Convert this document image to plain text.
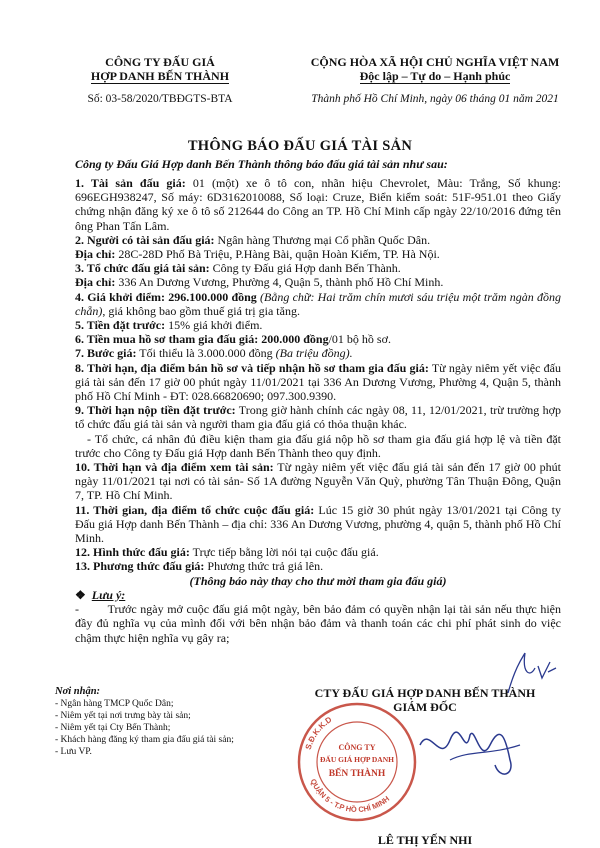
CÔNG TY ĐẤU GIÁ
HỢP DANH BẾN THÀNH
Số: 03-58/2020/TBĐGTS-BTA
CỘNG HÒA XÃ HỘI CHỦ NGHĨA VIỆT NAM
Độc lập – Tự do – Hạnh phúc
Thành phố Hồ Chí Minh, ngày 06 tháng 01 năm 2021
THÔNG BÁO ĐẤU GIÁ TÀI SẢN
Công ty Đấu Giá Hợp danh Bến Thành thông báo đấu giá tài sản như sau:

1. Tài sản đấu giá: 01 (một) xe ô tô con, nhãn hiệu Chevrolet, Màu: Trắng, Số khung: 696EGH938247, Số máy: 6D3162010088, Số loại: Cruze, Biển kiểm soát: 51F-951.01 theo Giấy chứng nhận đăng ký xe ô tô số 212644 do Công an TP. Hồ Chí Minh cấp ngày 22/10/2016 đứng tên ông Phan Tấn Lâm.

2. Người có tài sản đấu giá: Ngân hàng Thương mại Cổ phần Quốc Dân.

Địa chỉ: 28C-28D Phố Bà Triệu, P.Hàng Bài, quận Hoàn Kiếm, TP. Hà Nội.

3. Tổ chức đấu giá tài sản: Công ty Đấu giá Hợp danh Bến Thành.

Địa chỉ: 336 An Dương Vương, Phường 4, Quận 5, thành phố Hồ Chí Minh.

4. Giá khởi điểm: 296.100.000 đồng (Bằng chữ: Hai trăm chín mươi sáu triệu một trăm ngàn đồng chẵn), giá không bao gồm thuế giá trị gia tăng.

5. Tiền đặt trước: 15% giá khởi điểm.

6. Tiền mua hồ sơ tham gia đấu giá: 200.000 đồng/01 bộ hồ sơ.

7. Bước giá: Tối thiểu là 3.000.000 đồng (Ba triệu đồng).

8. Thời hạn, địa điểm bán hồ sơ và tiếp nhận hồ sơ tham gia đấu giá: Từ ngày niêm yết việc đấu giá tài sản đến 17 giờ 00 phút ngày 11/01/2021 tại 336 An Dương Vương, Phường 4, Quận 5, thành phố Hồ Chí Minh - ĐT: 028.66820690; 097.300.9390.

9. Thời hạn nộp tiền đặt trước: Trong giờ hành chính các ngày 08, 11, 12/01/2021, trừ trường hợp tổ chức đấu giá tài sản và người tham gia đấu giá có thỏa thuận khác.

- Tổ chức, cá nhân đủ điều kiện tham gia đấu giá nộp hồ sơ tham gia đấu giá hợp lệ và tiền đặt trước cho Công ty Đấu giá Hợp danh Bến Thành theo quy định.

10. Thời hạn và địa điểm xem tài sản: Từ ngày niêm yết việc đấu giá tài sản đến 17 giờ 00 phút ngày 11/01/2021 tại nơi có tài sản- Số 1A đường Nguyễn Văn Quỳ, phường Tân Thuận Đông, Quận 7, TP. Hồ Chí Minh.

11. Thời gian, địa điểm tổ chức cuộc đấu giá: Lúc 15 giờ 30 phút ngày 13/01/2021 tại Công ty Đấu giá Hợp danh Bến Thành – địa chỉ: 336 An Dương Vương, phường 4, quận 5, thành phố Hồ Chí Minh.

12. Hình thức đấu giá: Trực tiếp bằng lời nói tại cuộc đấu giá.

13. Phương thức đấu giá: Phương thức trả giá lên.

(Thông báo này thay cho thư mời tham gia đấu giá)

❖ Lưu ý:

- Trước ngày mở cuộc đấu giá một ngày, bên bảo đảm có quyền nhận lại tài sản nếu thực hiện đầy đủ nghĩa vụ của mình đối với bên nhận bảo đảm và thanh toán các chi phí phát sinh do việc chậm thực hiện nghĩa vụ gây ra;

Nơi nhận:
- Ngân hàng TMCP Quốc Dân;
- Niêm yết tại nơi trưng bày tài sản;
- Niêm yết tại Cty Bến Thành;
- Khách hàng đăng ký tham gia đấu giá tài sản;
- Lưu VP.
CTY ĐẤU GIÁ HỢP DANH BẾN THÀNH
GIÁM ĐỐC
S.Đ.K.K.D
QUẬN 5 - T.P HỒ CHÍ MINH
CÔNG TY
ĐẤU GIÁ HỢP DANH
BẾN THÀNH
LÊ THỊ YẾN NHI
